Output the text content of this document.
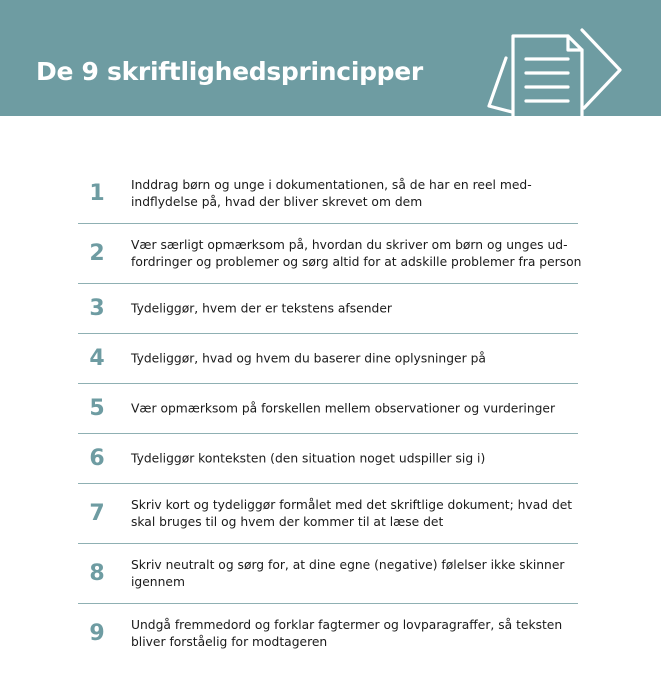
De 9 skriftlighedsprincipper
1	Inddrag børn og unge i dokumentationen, så de har en reel med-
indflydelse på, hvad der bliver skrevet om dem
2	Vær særligt opmærksom på, hvordan du skriver om børn og unges ud-
fordringer og problemer og sørg altid for at adskille problemer fra person
3	Tydeliggør, hvem der er tekstens afsender
4	Tydeliggør, hvad og hvem du baserer dine oplysninger på
5	Vær opmærksom på forskellen mellem observationer og vurderinger
6	Tydeliggør konteksten (den situation noget udspiller sig i)
7	Skriv kort og tydeliggør formålet med det skriftlige dokument; hvad det
skal bruges til og hvem der kommer til at læse det
8	Skriv neutralt og sørg for, at dine egne (negative) følelser ikke skinner
igennem
9	Undgå fremmedord og forklar fagtermer og lovparagraffer, så teksten
bliver forståelig for modtageren
